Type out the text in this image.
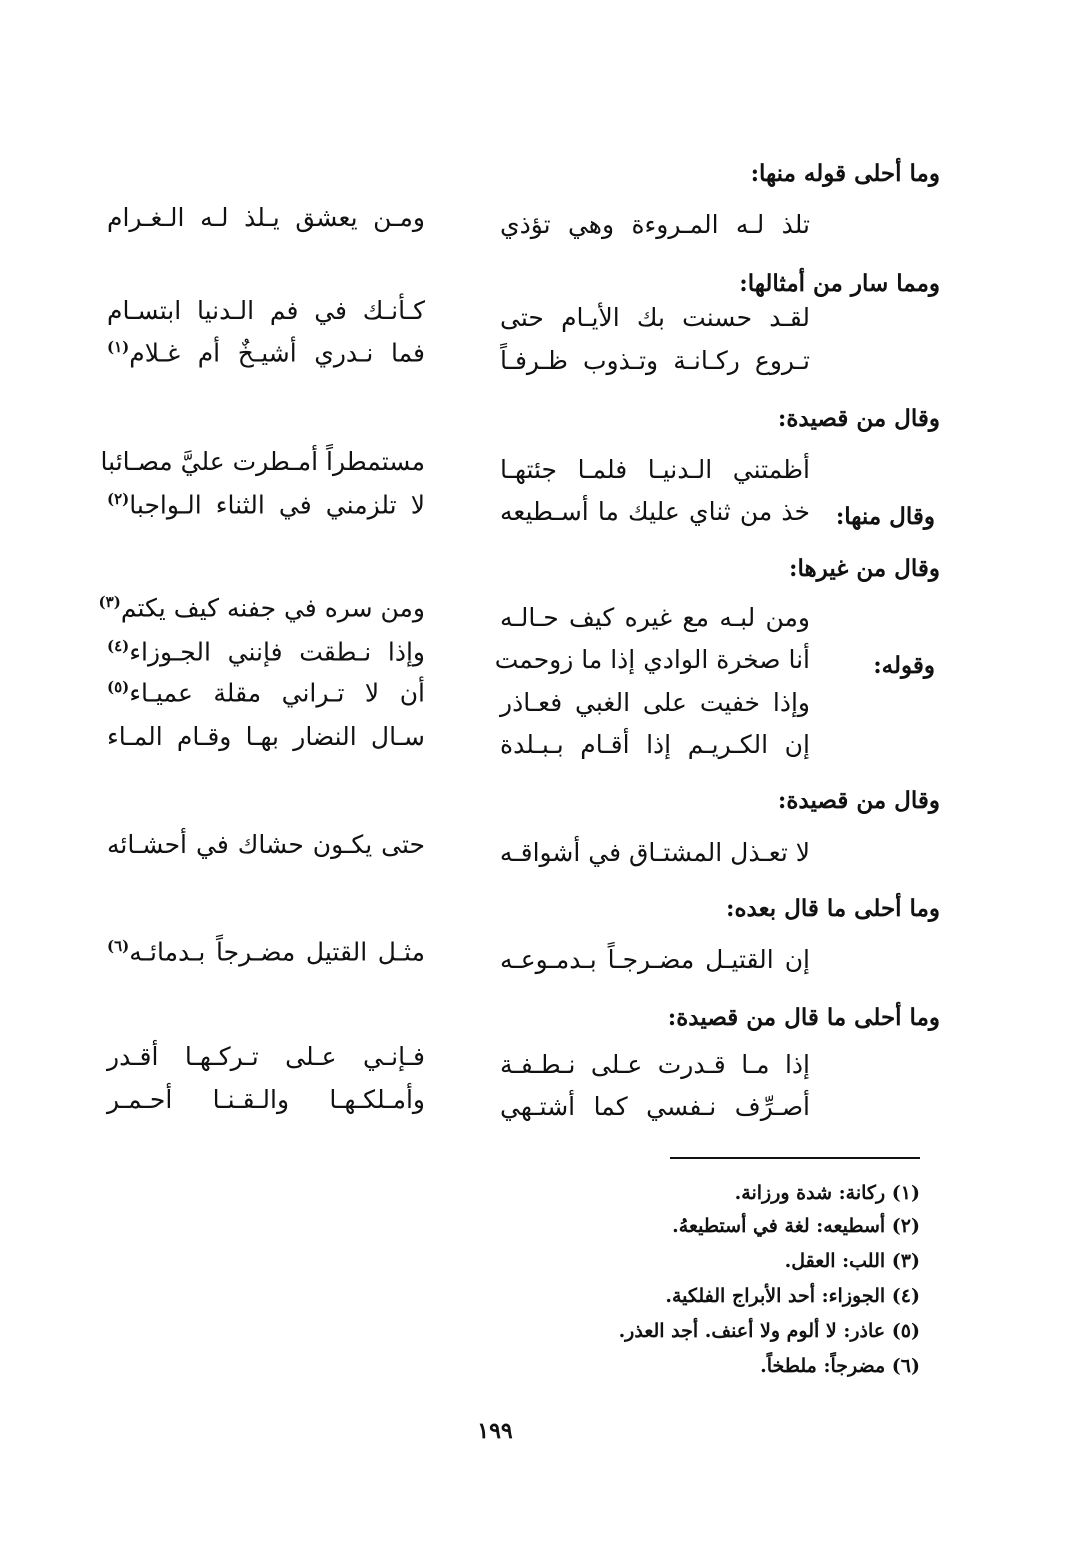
وما أحلى قوله منها:
ومما سار من أمثالها:
وقال من قصيدة:
وقال منها:
وقال من غيرها:
وقوله:
وقال من قصيدة:
وما أحلى ما قال بعده:
وما أحلى ما قال من قصيدة:
تلذ لـه المـروءة وهي تؤذي
ومـن يعشق يـلذ لـه الـغـرام
لقـد حسنت بك الأيـام حتى
كـأنـك في فم الـدنيا ابتسـام
تـروع ركـانـة وتـذوب ظـرفـاً
فما نـدري أشيـخٌ أم غـلام$^{(١)}$
أظمتني الـدنيـا فلمـا جئتهـا
مستمطراً أمـطرت عليَّ مصـائبا
خذ من ثناي عليك ما أسـطيعه
لا تلزمني في الثناء الـواجبا$^{(٢)}$
ومن لبـه مع غيره كيف حـالـه
ومن سره في جفنه كيف يكتم$^{(٣)}$
أنا صخرة الوادي إذا ما زوحمت
وإذا نـطقت فإنني الجـوزاء$^{(٤)}$
وإذا خفيت على الغبي فعـاذر
أن لا تـراني مقلة عميـاء$^{(٥)}$
إن الكـريـم إذا أقـام بـبـلدة
سـال النضار بهـا وقـام المـاء
لا تعـذل المشتـاق في أشواقـه
حتى يكـون حشاك في أحشـائه
إن القتيـل مضـرجـاً بـدمـوعـه
مثـل القتيل مضـرجاً بـدمائـه$^{(٦)}$
إذا مـا قـدرت عـلى نـطـفـة
فـإنـي عـلى تـركـهـا أقـدر
أصـرِّف نـفسي كما أشتـهي
وأمـلكـهـا والـقـنـا أحـمـر
(١) ركانة: شدة ورزانة.
(٢) أسطيعه: لغة في أستطيعهُ.
(٣) اللب: العقل.
(٤) الجوزاء: أحد الأبراج الفلكية.
(٥) عاذر: لا ألوم ولا أعنف. أجد العذر.
(٦) مضرجاً: ملطخاً.
١٩٩
